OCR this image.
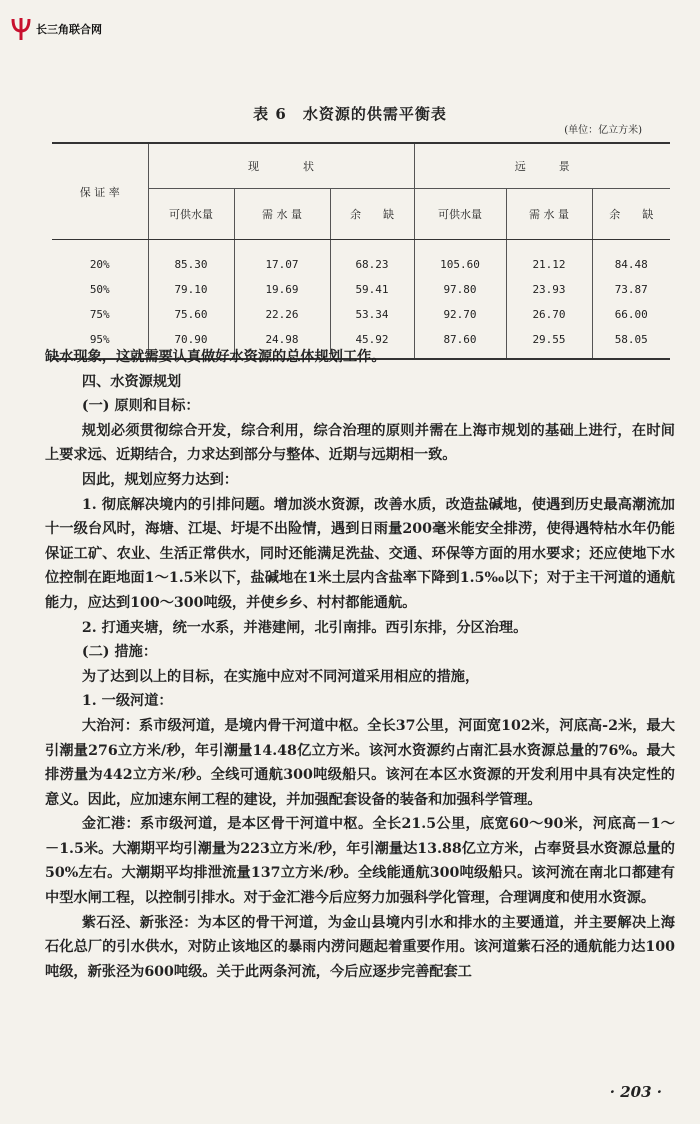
长三角联合网
表 6　水资源的供需平衡表
(单位：亿立方米)
保 证 率	现　　　　状			远　　　景		
	可供水量	需 水 量	余　　缺	可供水量	需 水 量	余　　缺
20%	85.30	17.07	68.23	105.60	21.12	84.48
50%	79.10	19.69	59.41	97.80	23.93	73.87
75%	75.60	22.26	53.34	92.70	26.70	66.00
95%	70.90	24.98	45.92	87.60	29.55	58.05

缺水现象，这就需要认真做好水资源的总体规划工作。

四、水资源规划

(一) 原则和目标：

规划必须贯彻综合开发，综合利用，综合治理的原则并需在上海市规划的基础上进行，在时间上要求远、近期结合，力求达到部分与整体、近期与远期相一致。

因此，规划应努力达到：

1. 彻底解决境内的引排问题。增加淡水资源，改善水质，改造盐碱地，使遇到历史最高潮流加十一级台风时，海塘、江堤、圩堤不出险情，遇到日雨量200毫米能安全排涝，使得遇特枯水年仍能保证工矿、农业、生活正常供水，同时还能满足洗盐、交通、环保等方面的用水要求；还应使地下水位控制在距地面1～1.5米以下，盐碱地在1米土层内含盐率下降到1.5‰以下；对于主干河道的通航能力，应达到100～300吨级，并使乡乡、村村都能通航。

2. 打通夹塘，统一水系，并港建闸，北引南排。西引东排，分区治理。

(二) 措施：

为了达到以上的目标，在实施中应对不同河道采用相应的措施，

1. 一级河道：

大治河：系市级河道，是境内骨干河道中枢。全长37公里，河面宽102米，河底高-2米，最大引潮量276立方米/秒，年引潮量14.48亿立方米。该河水资源约占南汇县水资源总量的76%。最大排涝量为442立方米/秒。全线可通航300吨级船只。该河在本区水资源的开发利用中具有决定性的意义。因此，应加速东闸工程的建设，并加强配套设备的装备和加强科学管理。

金汇港：系市级河道，是本区骨干河道中枢。全长21.5公里，底宽60～90米，河底高－1～－1.5米。大潮期平均引潮量为223立方米/秒，年引潮量达13.88亿立方米，占奉贤县水资源总量的50%左右。大潮期平均排泄流量137立方米/秒。全线能通航300吨级船只。该河流在南北口都建有中型水闸工程，以控制引排水。对于金汇港今后应努力加强科学化管理，合理调度和使用水资源。

紫石泾、新张泾：为本区的骨干河道，为金山县境内引水和排水的主要通道，并主要解决上海石化总厂的引水供水，对防止该地区的暴雨内涝问题起着重要作用。该河道紫石泾的通航能力达100吨级，新张泾为600吨级。关于此两条河流，今后应逐步完善配套工

· 203 ·
